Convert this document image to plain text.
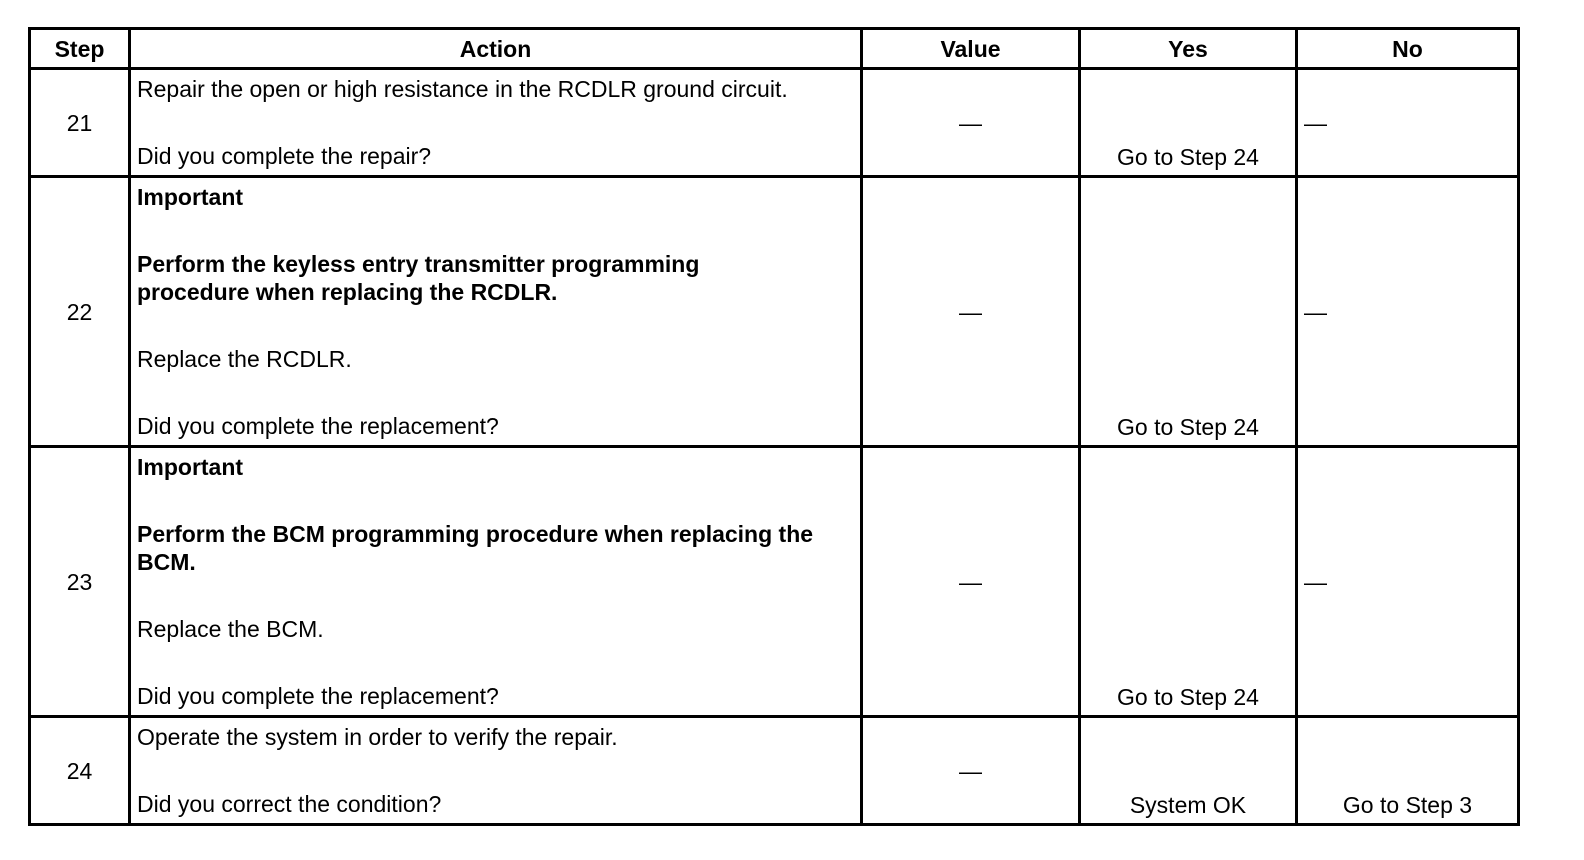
Step	Action	Value	Yes	No
21	Repair the open or high resistance in the RCDLR ground circuit.

Did you complete the repair?	—	Go to Step 24	—

22	Important

Perform the keyless entry transmitter programming procedure when replacing the RCDLR.

Replace the RCDLR.

Did you complete the replacement?	—	Go to Step 24	—

23	Important

Perform the BCM programming procedure when replacing the BCM.

Replace the BCM.

Did you complete the replacement?	—	Go to Step 24	—

24	Operate the system in order to verify the repair.

Did you correct the condition?	—	System OK	Go to Step 3
